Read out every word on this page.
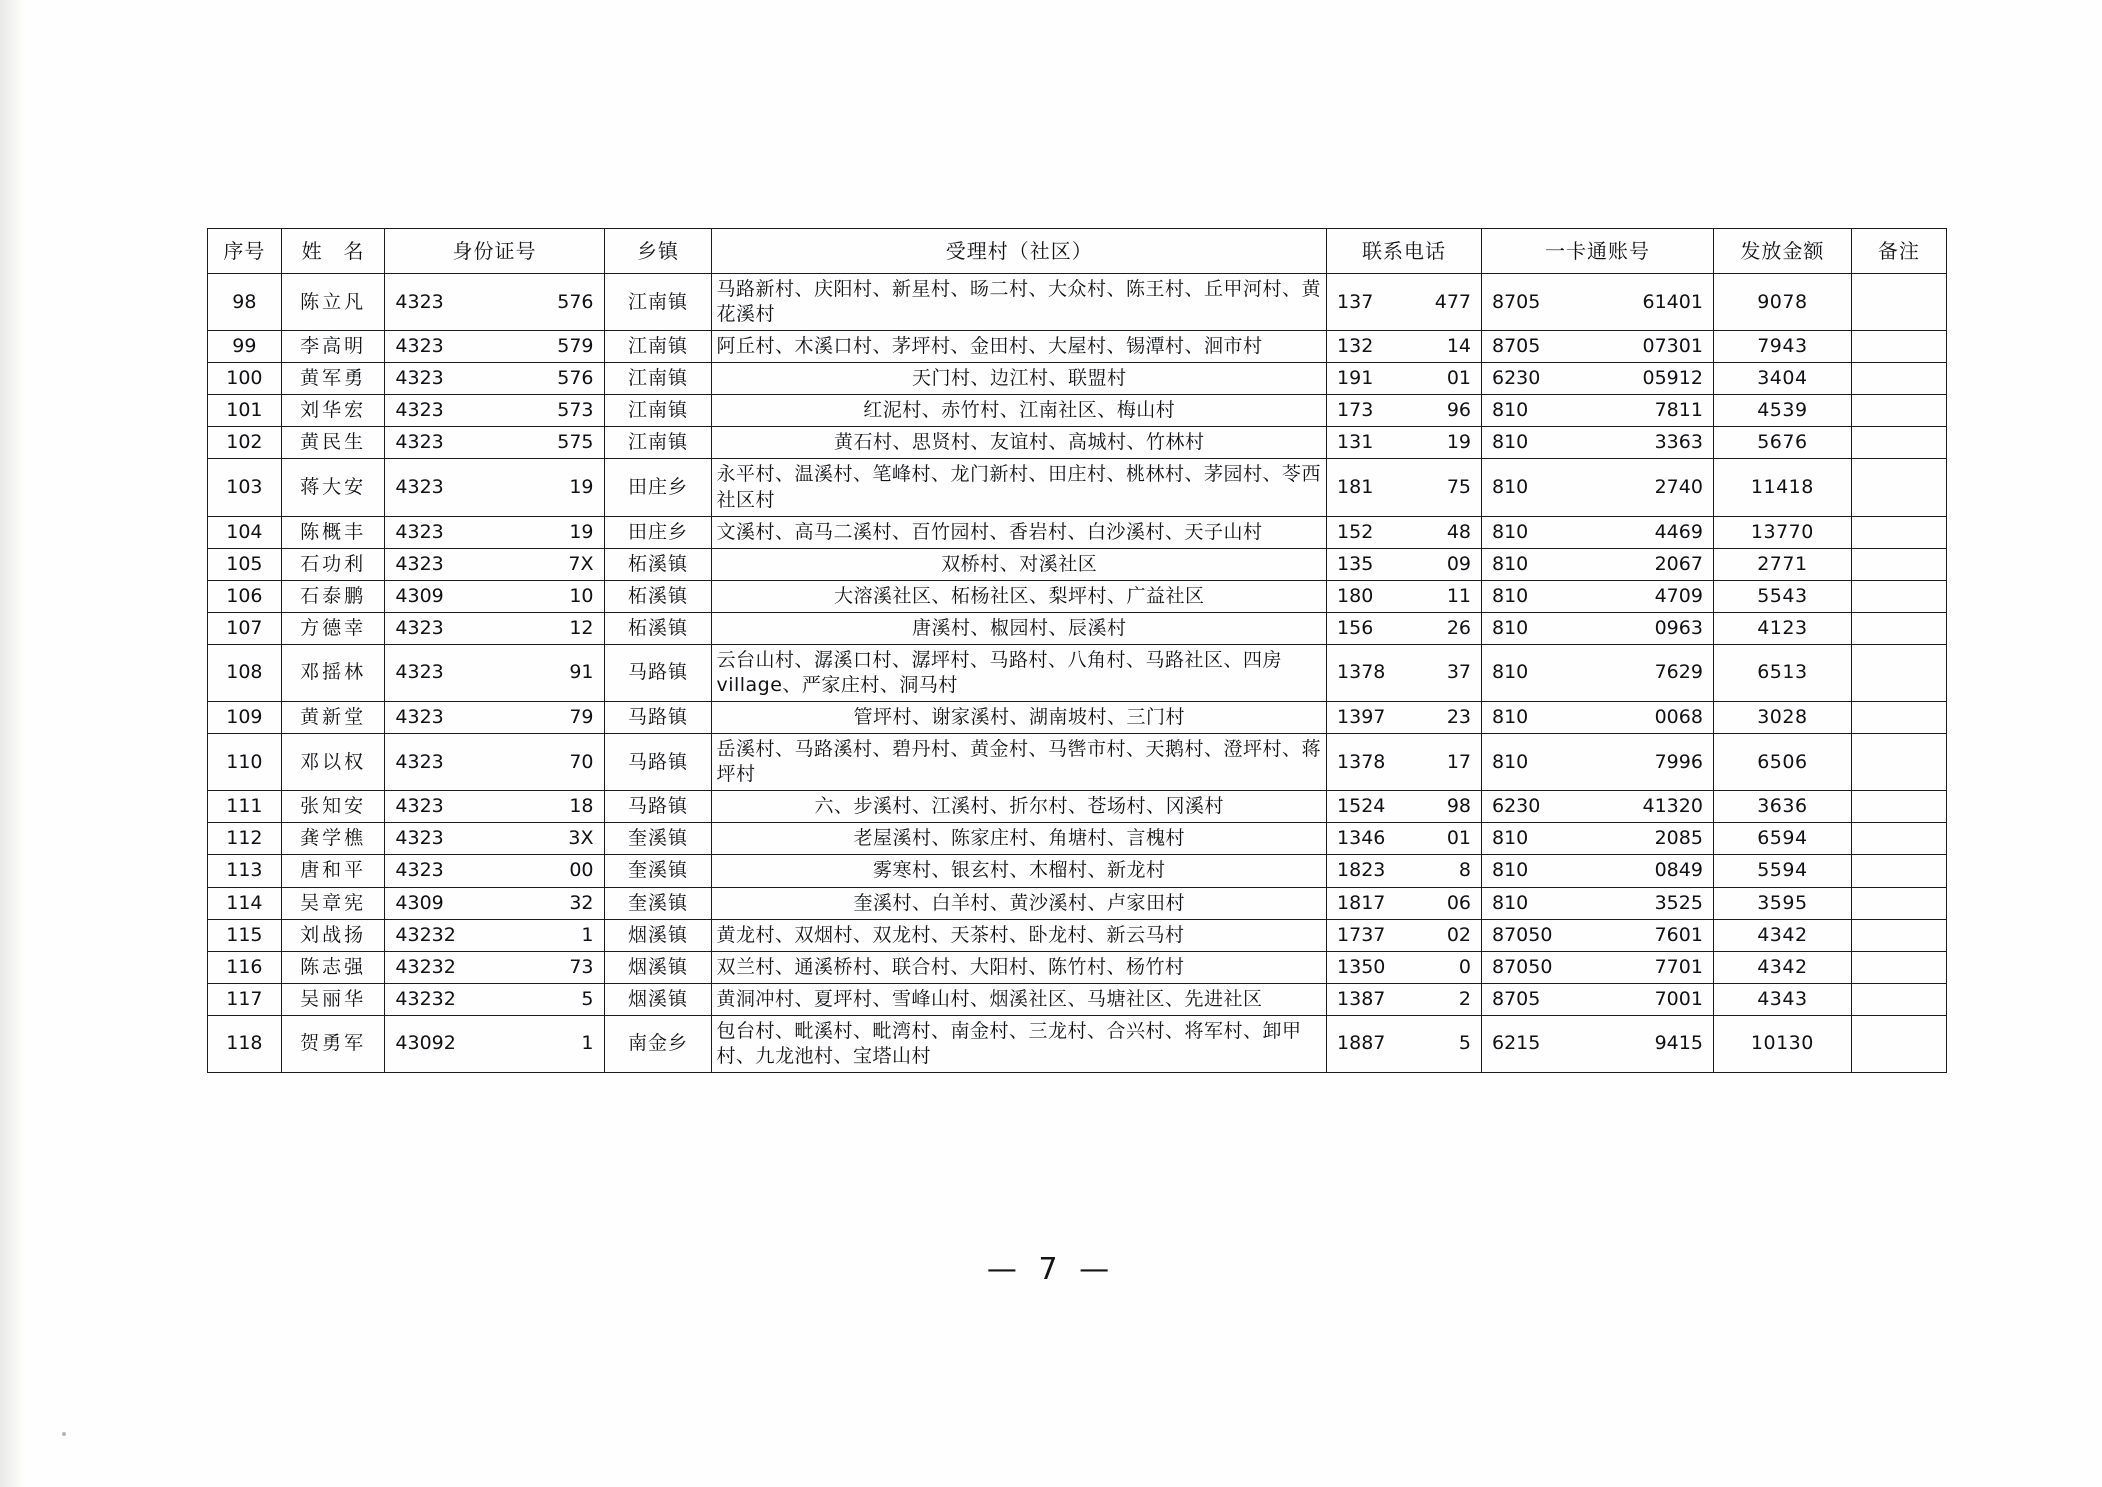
序号	姓　名	身份证号	乡镇	受理村（社区）	联系电话	一卡通账号	发放金额	备注
98	陈立凡	4323 576	江南镇	马路新村、庆阳村、新星村、旸二村、大众村、陈王村、丘甲河村、黄花溪村	137 477	8705 61401	9078	
99	李高明	4323 579	江南镇	阿丘村、木溪口村、茅坪村、金田村、大屋村、锡潭村、洄市村	132 14	8705 07301	7943	
100	黄军勇	4323 576	江南镇	天门村、边江村、联盟村	191 01	6230 05912	3404	
101	刘华宏	4323 573	江南镇	红泥村、赤竹村、江南社区、梅山村	173 96	810 7811	4539	
102	黄民生	4323 575	江南镇	黄石村、思贤村、友谊村、高城村、竹林村	131 19	810 3363	5676	
103	蒋大安	4323 19	田庄乡	永平村、温溪村、笔峰村、龙门新村、田庄村、桃林村、茅园村、苓西社区村	181 75	810 2740	11418	
104	陈概丰	4323 19	田庄乡	文溪村、高马二溪村、百竹园村、香岩村、白沙溪村、天子山村	152 48	810 4469	13770	
105	石功利	4323 7X	柘溪镇	双桥村、对溪社区	135 09	810 2067	2771	
106	石泰鹏	4309 10	柘溪镇	大溶溪社区、柘杨社区、梨坪村、广益社区	180 11	810 4709	5543	
107	方德幸	4323 12	柘溪镇	唐溪村、椒园村、辰溪村	156 26	810 0963	4123	
108	邓摇林	4323 91	马路镇	云台山村、潺溪口村、潺坪村、马路村、八角村、马路社区、四房village、严家庄村、洞马村	1378 37	810 7629	6513	
109	黄新堂	4323 79	马路镇	管坪村、谢家溪村、湖南坡村、三门村	1397 23	810 0068	3028	
110	邓以权	4323 70	马路镇	岳溪村、马路溪村、碧丹村、黄金村、马辔市村、天鹅村、澄坪村、蒋坪村	1378 17	810 7996	6506	
111	张知安	4323 18	马路镇	六、步溪村、江溪村、折尔村、苍场村、冈溪村	1524 98	6230 41320	3636	
112	龚学樵	4323 3X	奎溪镇	老屋溪村、陈家庄村、角塘村、言槐村	1346 01	810 2085	6594	
113	唐和平	4323 00	奎溪镇	雾寒村、银玄村、木榴村、新龙村	1823 8	810 0849	5594	
114	吴章宪	4309 32	奎溪镇	奎溪村、白羊村、黄沙溪村、卢家田村	1817 06	810 3525	3595	
115	刘战扬	43232 1	烟溪镇	黄龙村、双烟村、双龙村、天茶村、卧龙村、新云马村	1737 02	87050 7601	4342	
116	陈志强	43232 73	烟溪镇	双兰村、通溪桥村、联合村、大阳村、陈竹村、杨竹村	1350 0	87050 7701	4342	
117	吴丽华	43232 5	烟溪镇	黄洞冲村、夏坪村、雪峰山村、烟溪社区、马塘社区、先进社区	1387 2	8705 7001	4343	
118	贺勇军	43092 1	南金乡	包台村、毗溪村、毗湾村、南金村、三龙村、合兴村、将军村、卸甲村、九龙池村、宝塔山村	1887 5	6215 9415	10130	
— 7 —
